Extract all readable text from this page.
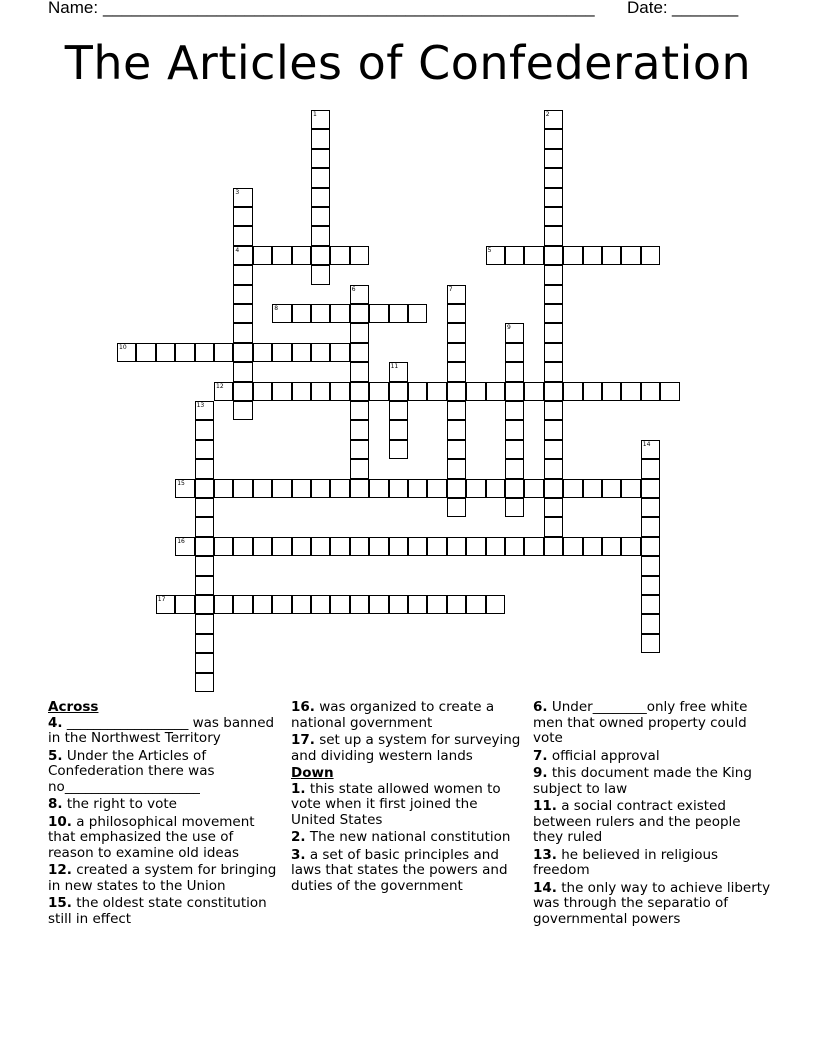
Name:

____________________________________________________

Date:

_______

The Articles of Confederation
1	2
3
4	5
6	7
8
9
10
11
12
13
14
15
16
17

Across

4. __________________ was banned in the Northwest Territory

5. Under the Articles of Confederation there was no____________________

8. the right to vote

10. a philosophical movement that emphasized the use of reason to examine old ideas

12. created a system for bringing in new states to the Union

15. the oldest state constitution still in effect

16. was organized to create a national government

17. set up a system for surveying and dividing western lands

Down

1. this state allowed women to vote when it first joined the United States

2. The new national constitution

3. a set of basic principles and laws that states the powers and duties of the government

6. Under________only free white men that owned property could vote

7. official approval

9. this document made the King subject to law

11. a social contract existed between rulers and the people they ruled

13. he believed in religious freedom

14. the only way to achieve liberty was through the separatio of governmental powers
